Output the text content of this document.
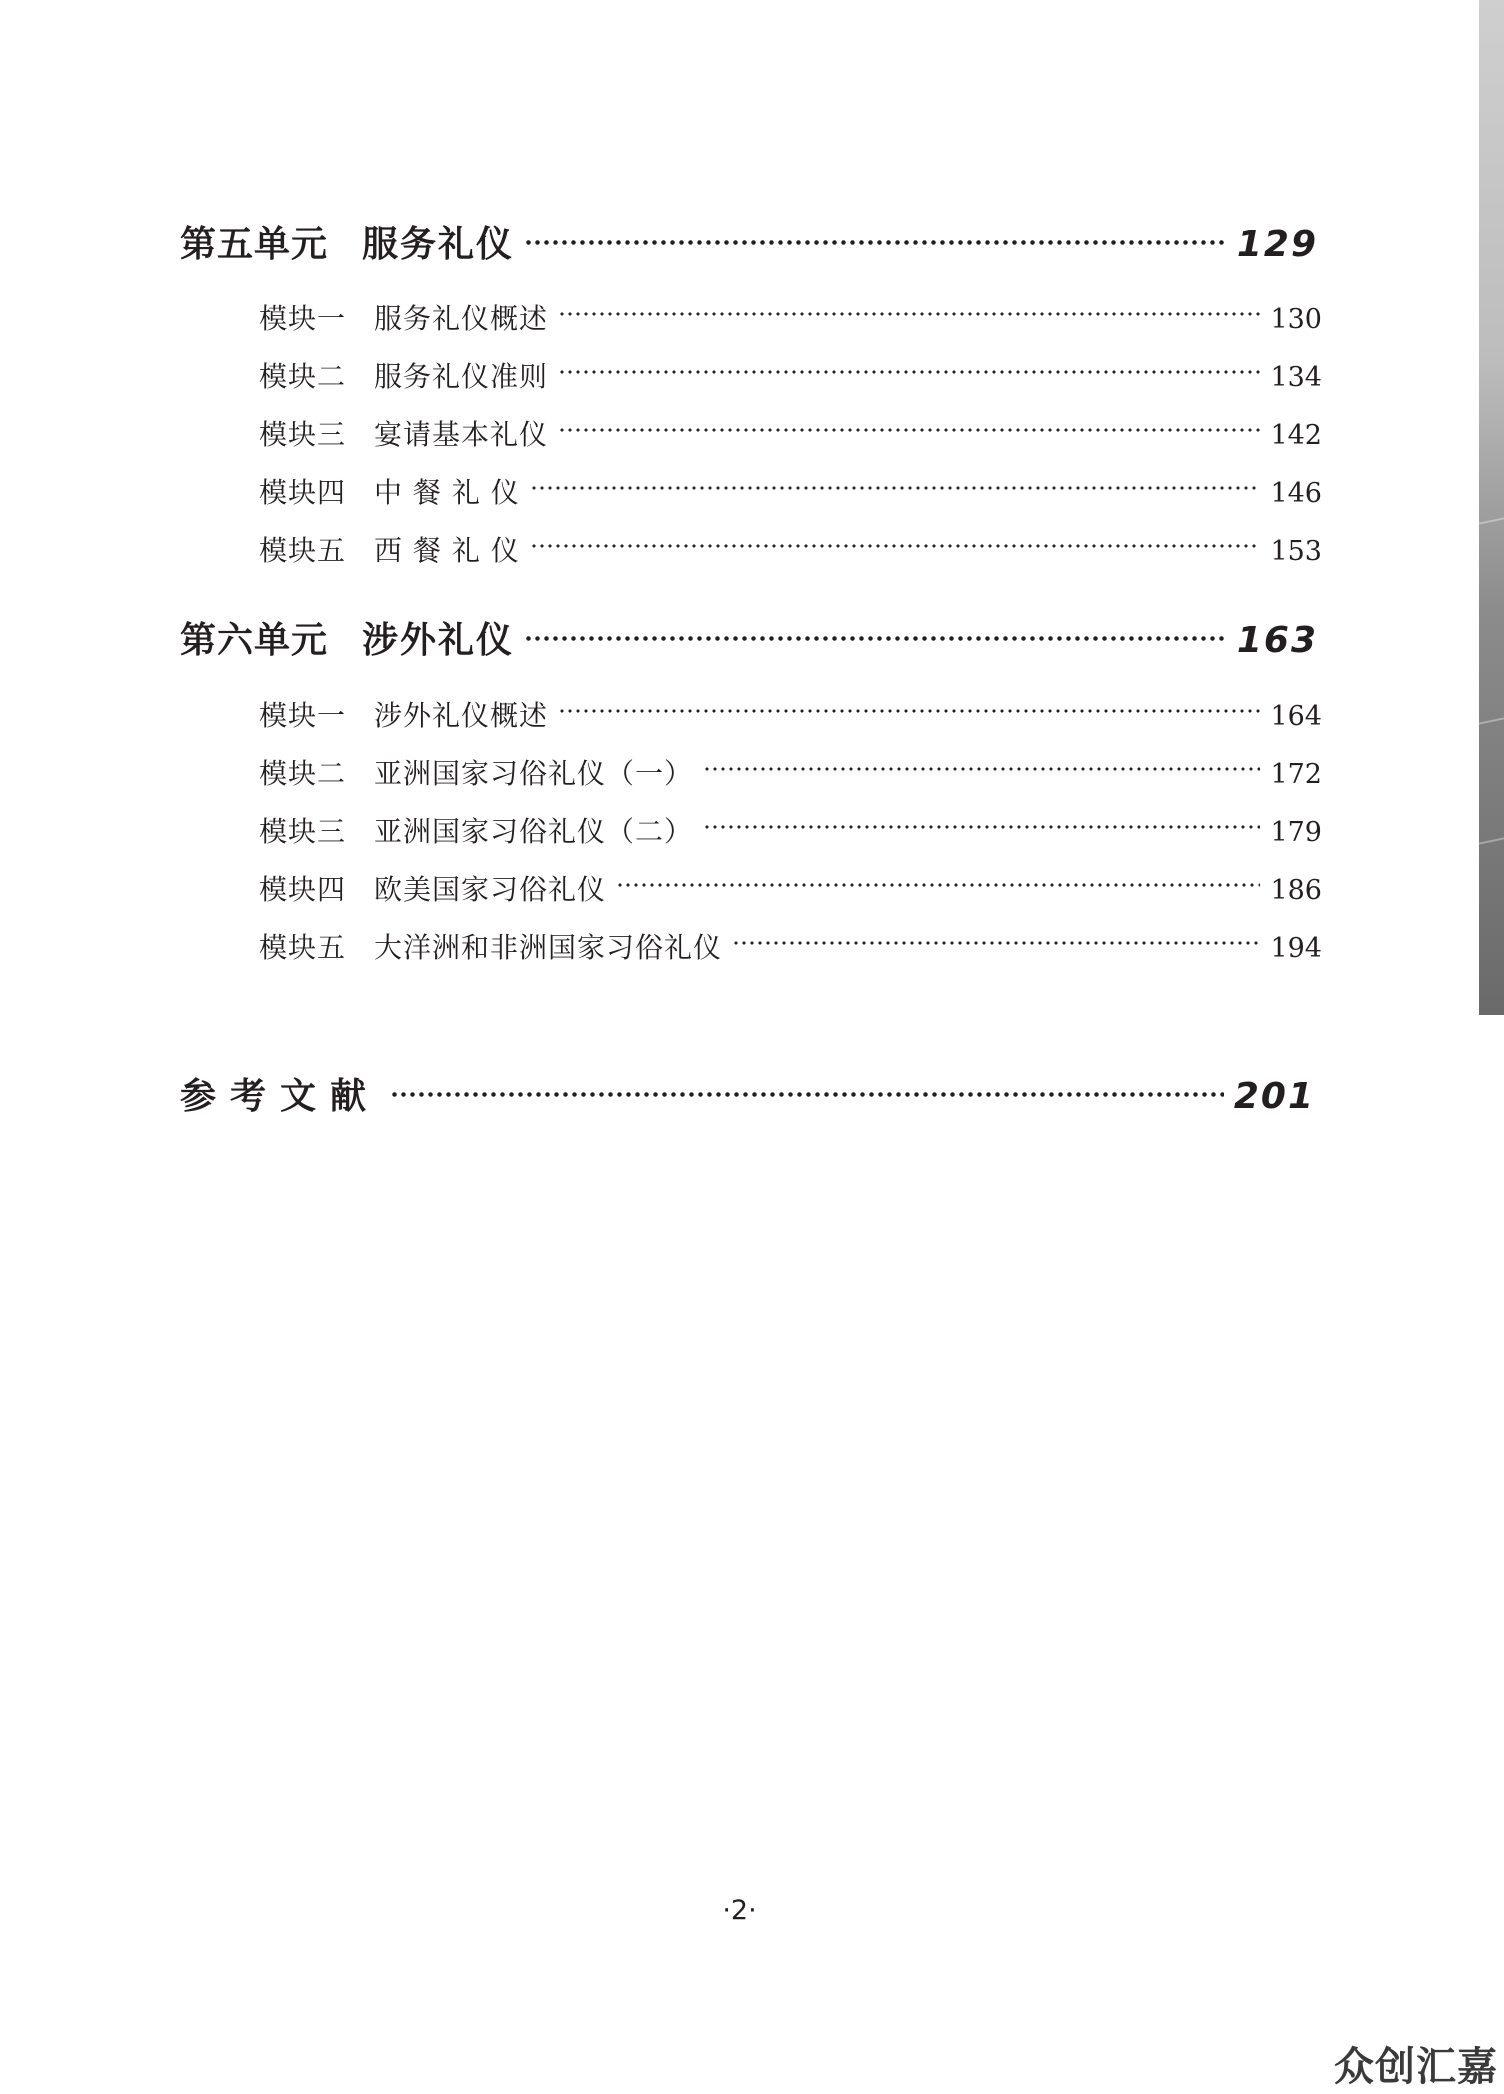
第五单元 服务礼仪	129
模块一 服务礼仪概述	130
模块二 服务礼仪准则	134
模块三 宴请基本礼仪	142
模块四 中 餐 礼 仪	146
模块五 西 餐 礼 仪	153
第六单元 涉外礼仪	163
模块一 涉外礼仪概述	164
模块二 亚洲国家习俗礼仪（一）	172
模块三 亚洲国家习俗礼仪（二）	179
模块四 欧美国家习俗礼仪	186
模块五 大洋洲和非洲国家习俗礼仪	194
参考文献	201
·2·
众创汇嘉
